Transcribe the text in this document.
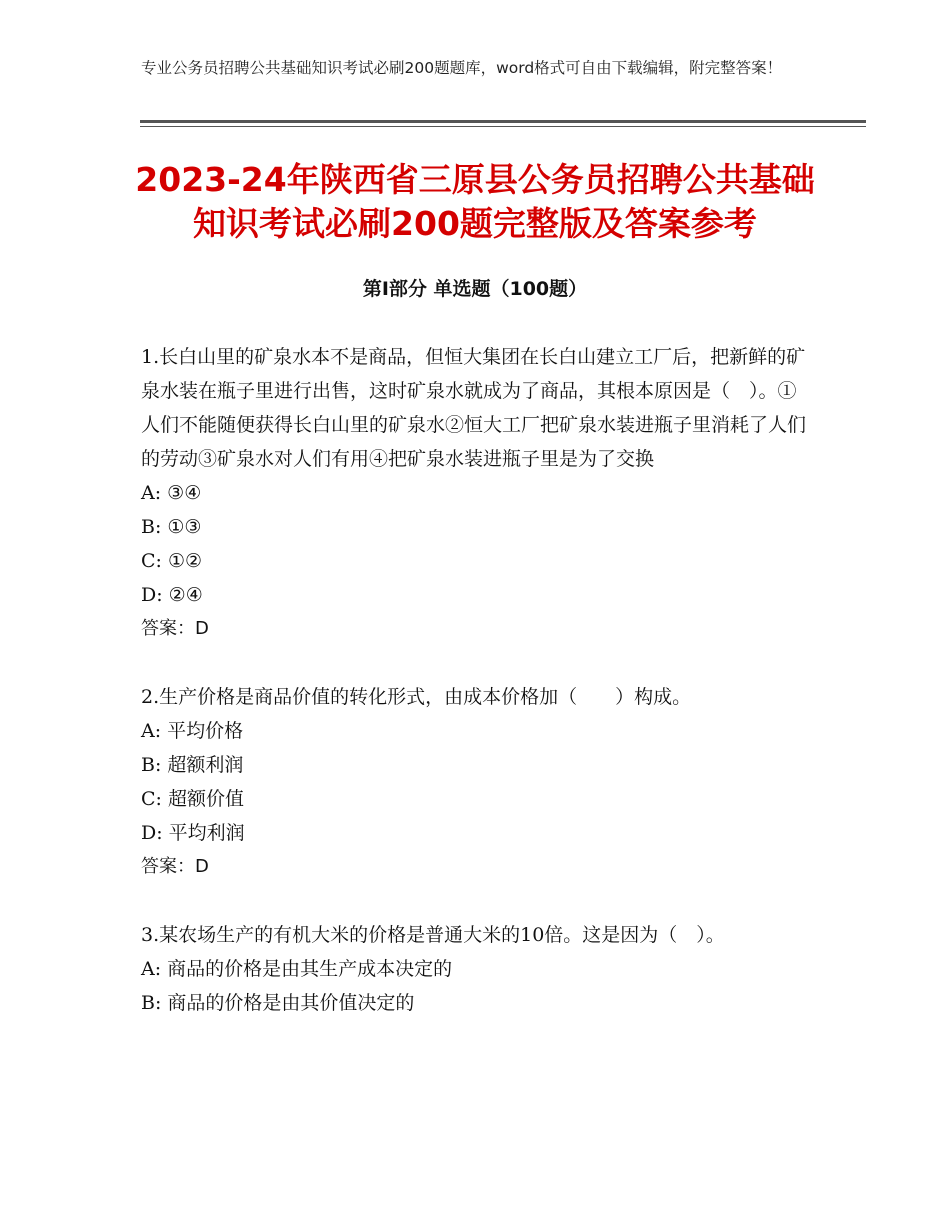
专业公务员招聘公共基础知识考试必刷200题题库，word格式可自由下载编辑，附完整答案！
2023-24年陕西省三原县公务员招聘公共基础知识考试必刷200题完整版及答案参考
第I部分 单选题（100题）

1.长白山里的矿泉水本不是商品，但恒大集团在长白山建立工厂后，把新鲜的矿泉水装在瓶子里进行出售，这时矿泉水就成为了商品，其根本原因是（　）。①人们不能随便获得长白山里的矿泉水②恒大工厂把矿泉水装进瓶子里消耗了人们的劳动③矿泉水对人们有用④把矿泉水装进瓶子里是为了交换

A: ③④

B: ①③

C: ①②

D: ②④

答案：D

2.生产价格是商品价值的转化形式，由成本价格加（　　）构成。

A: 平均价格

B: 超额利润

C: 超额价值

D: 平均利润

答案：D

3.某农场生产的有机大米的价格是普通大米的10倍。这是因为（　）。

A: 商品的价格是由其生产成本决定的

B: 商品的价格是由其价值决定的
